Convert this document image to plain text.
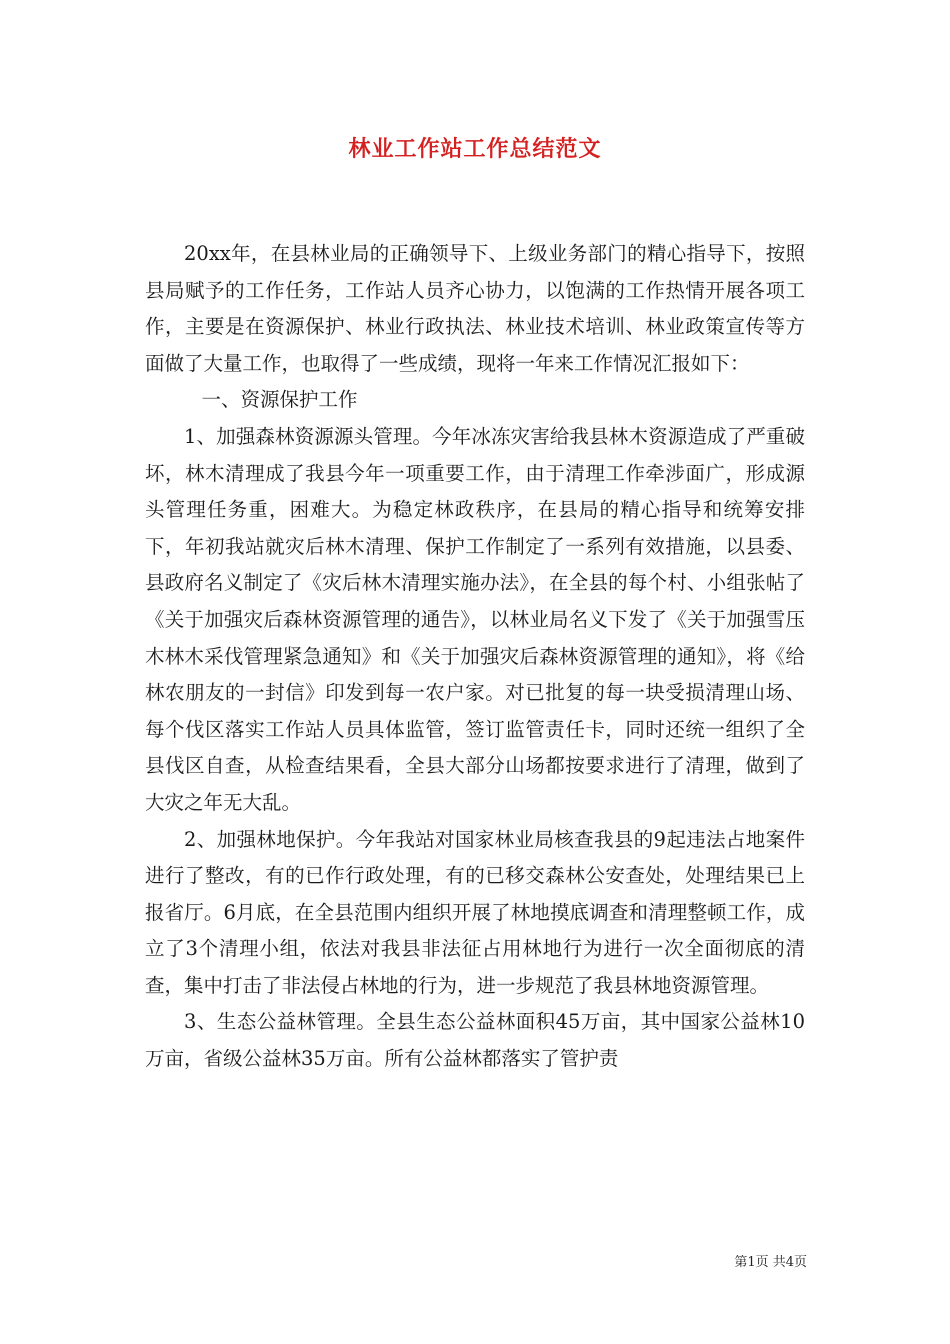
林业工作站工作总结范文

20xx年，在县林业局的正确领导下、上级业务部门的精心指导下，按照县局赋予的工作任务，工作站人员齐心协力，以饱满的工作热情开展各项工作，主要是在资源保护、林业行政执法、林业技术培训、林业政策宣传等方面做了大量工作，也取得了一些成绩，现将一年来工作情况汇报如下：

一、资源保护工作

1、加强森林资源源头管理。今年冰冻灾害给我县林木资源造成了严重破坏，林木清理成了我县今年一项重要工作，由于清理工作牵涉面广，形成源头管理任务重，困难大。为稳定林政秩序，在县局的精心指导和统筹安排下，年初我站就灾后林木清理、保护工作制定了一系列有效措施，以县委、县政府名义制定了《灾后林木清理实施办法》，在全县的每个村、小组张帖了《关于加强灾后森林资源管理的通告》，以林业局名义下发了《关于加强雪压木林木采伐管理紧急通知》和《关于加强灾后森林资源管理的通知》，将《给林农朋友的一封信》印发到每一农户家。对已批复的每一块受损清理山场、每个伐区落实工作站人员具体监管，签订监管责任卡，同时还统一组织了全县伐区自查，从检查结果看，全县大部分山场都按要求进行了清理，做到了大灾之年无大乱。

2、加强林地保护。今年我站对国家林业局核查我县的9起违法占地案件进行了整改，有的已作行政处理，有的已移交森林公安查处，处理结果已上报省厅。6月底，在全县范围内组织开展了林地摸底调查和清理整顿工作，成立了3个清理小组，依法对我县非法征占用林地行为进行一次全面彻底的清查，集中打击了非法侵占林地的行为，进一步规范了我县林地资源管理。

3、生态公益林管理。全县生态公益林面积45万亩，其中国家公益林10万亩，省级公益林35万亩。所有公益林都落实了管护责

第1页 共4页
